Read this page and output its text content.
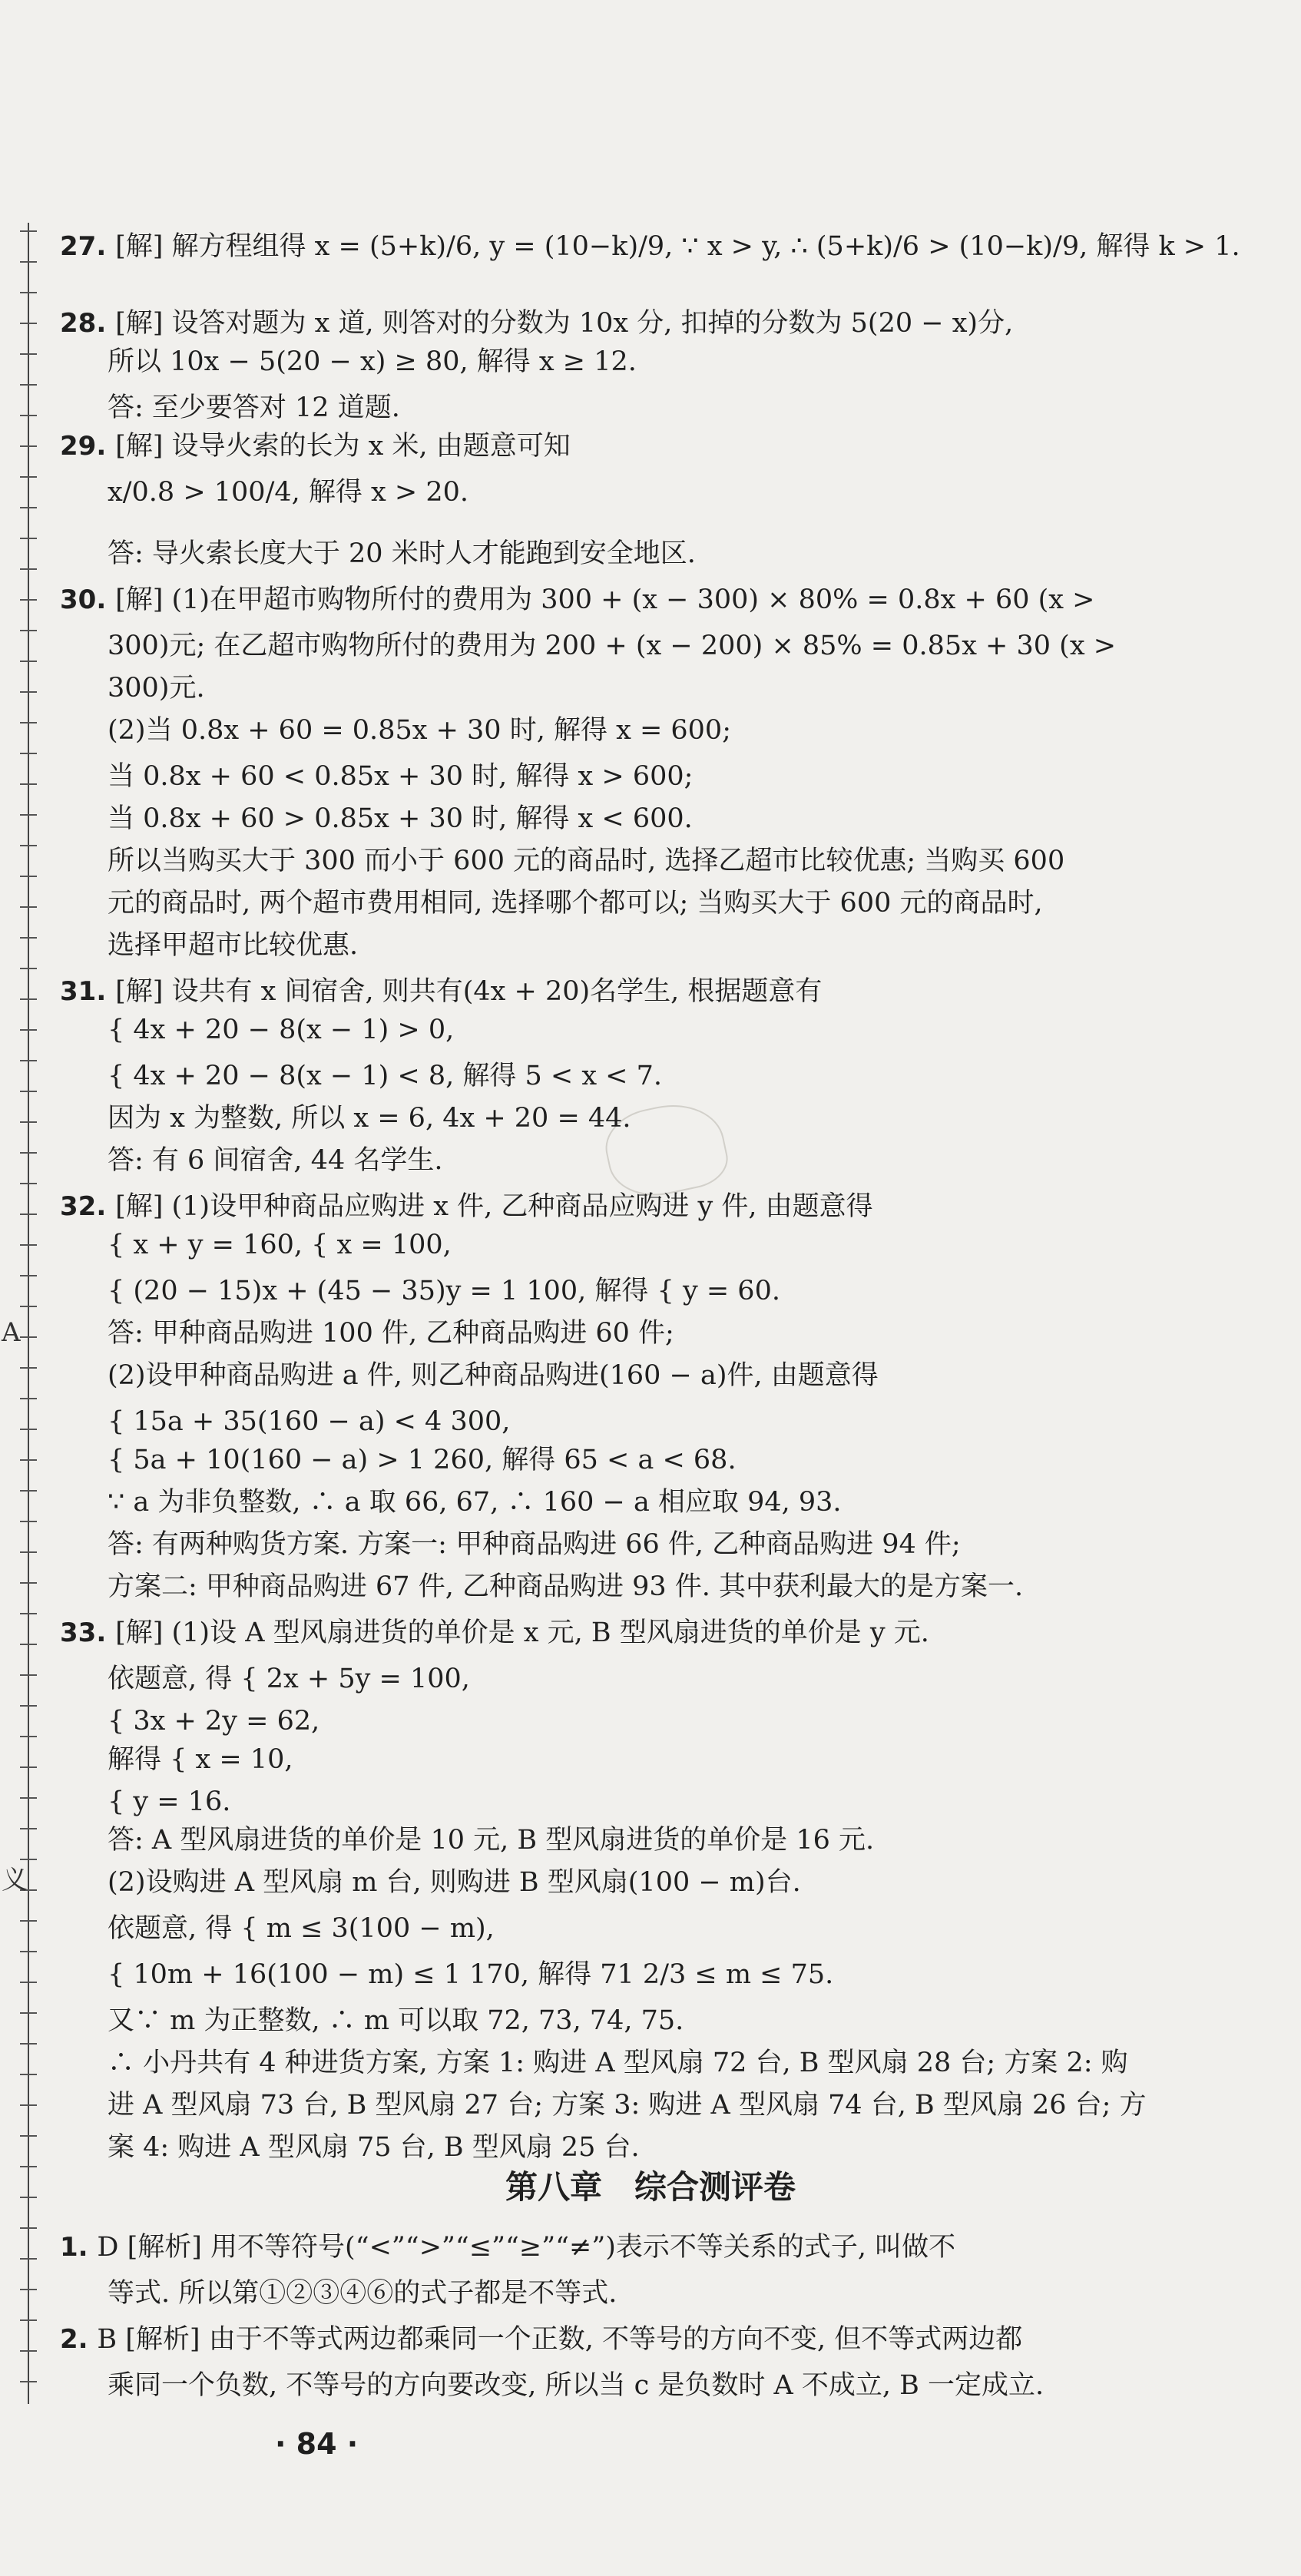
A
义
27. [解] 解方程组得 x = (5+k)/6, y = (10−k)/9, ∵ x > y, ∴ (5+k)/6 > (10−k)/9, 解得 k > 1.
28. [解] 设答对题为 x 道, 则答对的分数为 10x 分, 扣掉的分数为 5(20 − x)分,
所以 10x − 5(20 − x) ≥ 80, 解得 x ≥ 12.
答: 至少要答对 12 道题.
29. [解] 设导火索的长为 x 米, 由题意可知
x/0.8 > 100/4, 解得 x > 20.
答: 导火索长度大于 20 米时人才能跑到安全地区.
30. [解] (1)在甲超市购物所付的费用为 300 + (x − 300) × 80% = 0.8x + 60 (x >
300)元; 在乙超市购物所付的费用为 200 + (x − 200) × 85% = 0.85x + 30 (x >
300)元.
(2)当 0.8x + 60 = 0.85x + 30 时, 解得 x = 600;
当 0.8x + 60 < 0.85x + 30 时, 解得 x > 600;
当 0.8x + 60 > 0.85x + 30 时, 解得 x < 600.
所以当购买大于 300 而小于 600 元的商品时, 选择乙超市比较优惠; 当购买 600
元的商品时, 两个超市费用相同, 选择哪个都可以; 当购买大于 600 元的商品时,
选择甲超市比较优惠.
31. [解] 设共有 x 间宿舍, 则共有(4x + 20)名学生, 根据题意有
{ 4x + 20 − 8(x − 1) > 0,
{ 4x + 20 − 8(x − 1) < 8, 解得 5 < x < 7.
因为 x 为整数, 所以 x = 6, 4x + 20 = 44.
答: 有 6 间宿舍, 44 名学生.
32. [解] (1)设甲种商品应购进 x 件, 乙种商品应购进 y 件, 由题意得
{ x + y = 160, { x = 100,
{ (20 − 15)x + (45 − 35)y = 1 100, 解得 { y = 60.
答: 甲种商品购进 100 件, 乙种商品购进 60 件;
(2)设甲种商品购进 a 件, 则乙种商品购进(160 − a)件, 由题意得
{ 15a + 35(160 − a) < 4 300,
{ 5a + 10(160 − a) > 1 260, 解得 65 < a < 68.
∵ a 为非负整数, ∴ a 取 66, 67, ∴ 160 − a 相应取 94, 93.
答: 有两种购货方案. 方案一: 甲种商品购进 66 件, 乙种商品购进 94 件;
方案二: 甲种商品购进 67 件, 乙种商品购进 93 件. 其中获利最大的是方案一.
33. [解] (1)设 A 型风扇进货的单价是 x 元, B 型风扇进货的单价是 y 元.
依题意, 得 { 2x + 5y = 100,
{ 3x + 2y = 62,
解得 { x = 10,
{ y = 16.
答: A 型风扇进货的单价是 10 元, B 型风扇进货的单价是 16 元.
(2)设购进 A 型风扇 m 台, 则购进 B 型风扇(100 − m)台.
依题意, 得 { m ≤ 3(100 − m),
{ 10m + 16(100 − m) ≤ 1 170, 解得 71 2/3 ≤ m ≤ 75.
又∵ m 为正整数, ∴ m 可以取 72, 73, 74, 75.
∴ 小丹共有 4 种进货方案, 方案 1: 购进 A 型风扇 72 台, B 型风扇 28 台; 方案 2: 购
进 A 型风扇 73 台, B 型风扇 27 台; 方案 3: 购进 A 型风扇 74 台, B 型风扇 26 台; 方
案 4: 购进 A 型风扇 75 台, B 型风扇 25 台.
第八章　综合测评卷
1. D [解析] 用不等符号(“<”“>”“≤”“≥”“≠”)表示不等关系的式子, 叫做不
等式. 所以第①②③④⑥的式子都是不等式.
2. B [解析] 由于不等式两边都乘同一个正数, 不等号的方向不变, 但不等式两边都
乘同一个负数, 不等号的方向要改变, 所以当 c 是负数时 A 不成立, B 一定成立.
· 84 ·
